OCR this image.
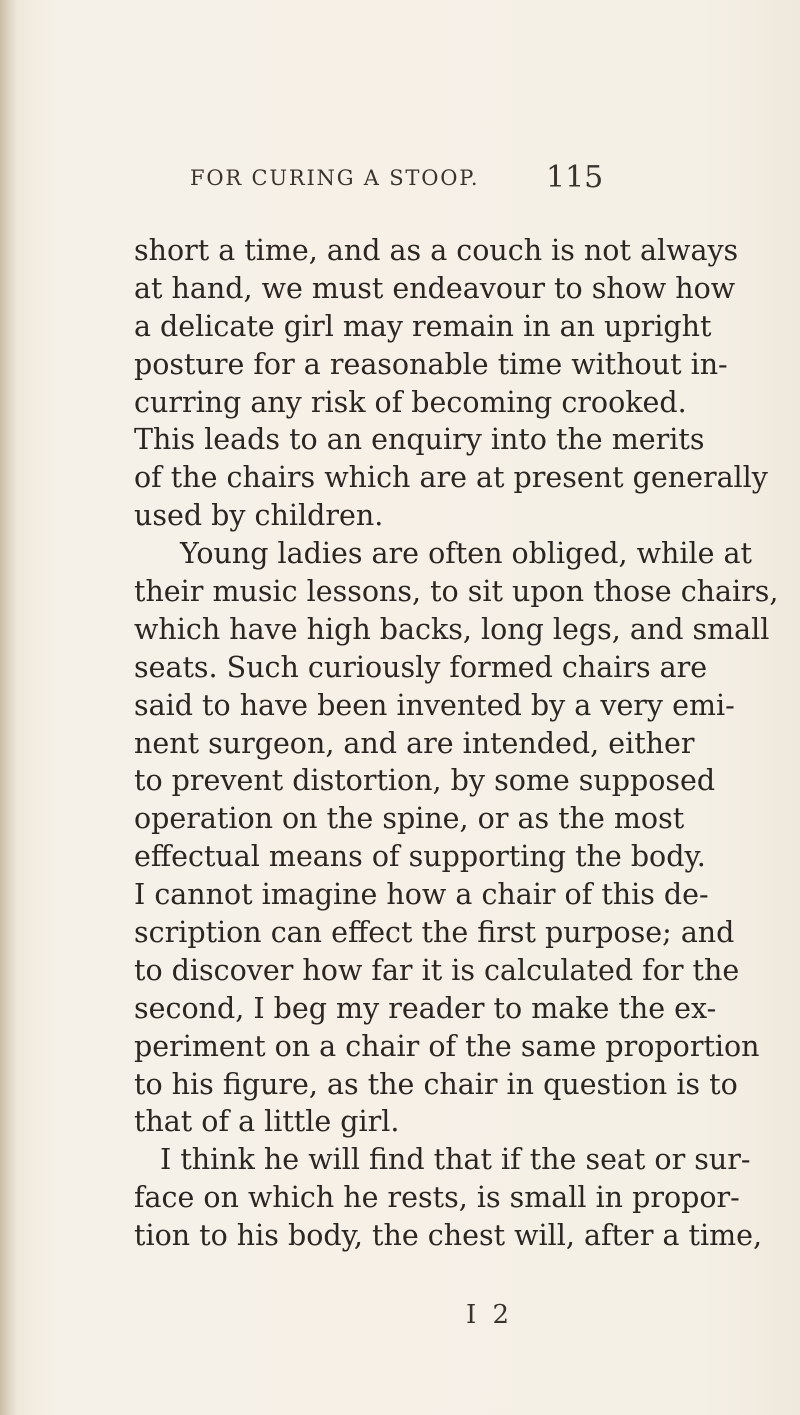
FOR CURING A STOOP. 115
short a time, and as a couch is not always
at hand, we must endeavour to show how
a delicate girl may remain in an upright
posture for a reasonable time without in-
curring any risk of becoming crooked.
This leads to an enquiry into the merits
of the chairs which are at present generally
used by children.
Young ladies are often obliged, while at
their music lessons, to sit upon those chairs,
which have high backs, long legs, and small
seats. Such curiously formed chairs are
said to have been invented by a very emi-
nent surgeon, and are intended, either
to prevent distortion, by some supposed
operation on the spine, or as the most
effectual means of supporting the body.
I cannot imagine how a chair of this de-
scription can effect the first purpose; and
to discover how far it is calculated for the
second, I beg my reader to make the ex-
periment on a chair of the same proportion
to his figure, as the chair in question is to
that of a little girl.
I think he will find that if the seat or sur-
face on which he rests, is small in propor-
tion to his body, the chest will, after a time,
I 2
